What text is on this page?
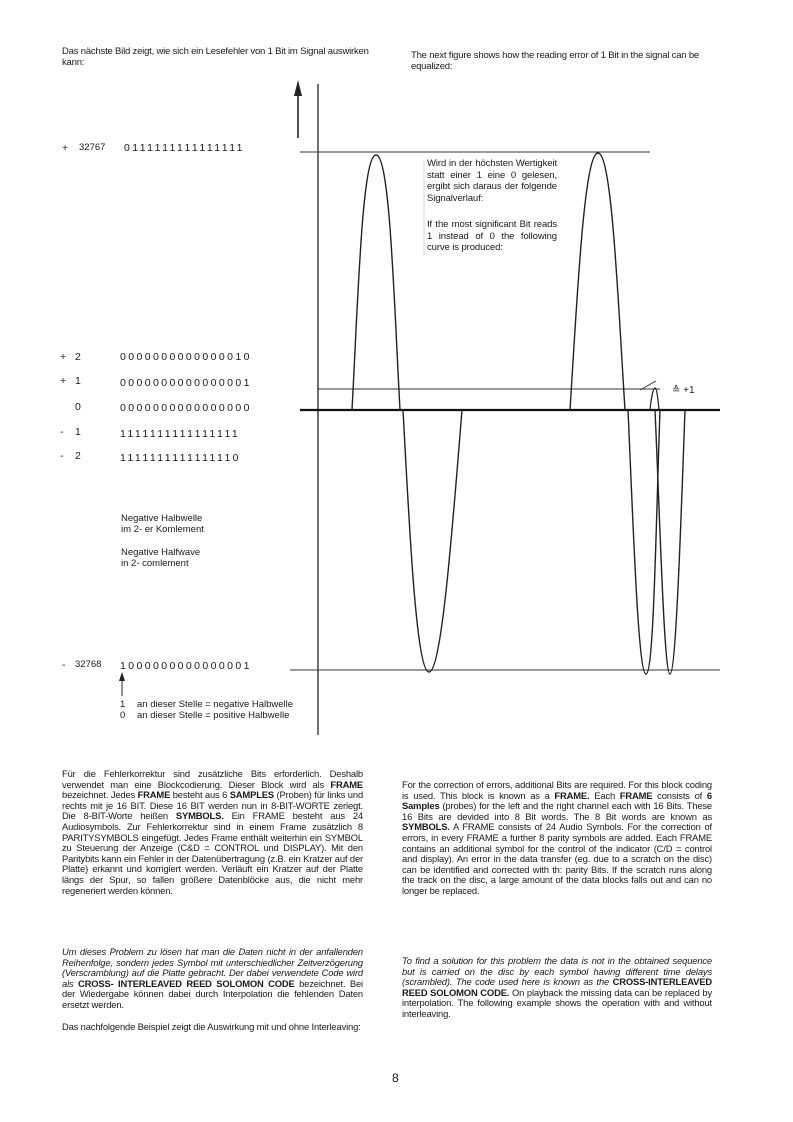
Das nächste Bild zeigt, wie sich ein Lesefehler von 1 Bit im Signal auswirken kann:
The next figure shows how the reading error of 1 Bit in the signal can be equalized:
+ 32767 0111111111111111
+ 2	0000000000000010
+ 1	0000000000000001
0	0000000000000000
- 1	1111111111111111
- 2	1111111111111110
- 32768 1000000000000001
Wird in der höchsten Wertigkeit statt einer 1 eine 0 gelesen, ergibt sich daraus der folgende Signalverlauf:
If the most significant Bit reads 1 instead of 0 the following curve is produced:
≙ +1
Negative Halbwelle
im 2- er Komlement
Negative Halfwave
in 2- comlement
1 an dieser Stelle = negative Halbwelle
0 an dieser Stelle = positive Halbwelle
Für die Fehlerkorrektur sind zusätzliche Bits erforderlich. Deshalb verwendet man eine Blockcodierung. Dieser Block wird als FRAME bezeichnet. Jedes FRAME besteht aus 6 SAMPLES (Proben) für links und rechts mit je 16 BIT. Diese 16 BIT werden nun in 8-BIT-WORTE zerlegt. Die 8-BIT-Worte heißen SYMBOLS. Ein FRAME besteht aus 24 Audiosymbols. Zur Fehlerkorrektur sind in einem Frame zusätzlich 8 PARITYSYMBOLS eingefügt. Jedes Frame enthält weiterhin ein SYMBOL zu Steuerung der Anzeige (C&D = CONTROL und DISPLAY). Mit den Paritybits kann ein Fehler in der Datenübertragung (z.B. ein Kratzer auf der Platte) erkannt und korrigiert werden. Verläuft ein Kratzer auf der Platte längs der Spur, so fallen größere Datenblöcke aus, die nicht mehr regeneriert werden können.
Um dieses Problem zu lösen hat man die Daten nicht in der anfallenden Reihenfolge, sondern jedes Symbol mit unterschiedlicher Zeitverzögerung (Verscramblung) auf die Platte gebracht. Der dabei verwendete Code wird als CROSS- INTERLEAVED REED SOLOMON CODE bezeichnet. Bei der Wiedergabe können dabei durch Interpolation die fehlenden Daten ersetzt werden.
Das nachfolgende Beispiel zeigt die Auswirkung mit und ohne Interleaving:
For the correction of errors, additional Bits are required. For this block coding is used. This block is known as a FRAME. Each FRAME consists of 6 Samples (probes) for the left and the right channel each with 16 Bits. These 16 Bits are devided into 8 Bit words. The 8 Bit words are known as SYMBOLS. A FRAME consists of 24 Audio Symbols. For the correction of errors, in every FRAME a further 8 parity symbols are added. Each FRAME contains an additional symbol for the control of the indicator (C/D = control and display). An error in the data transfer (eg. due to a scratch on the disc) can be identified and corrected with th: parity Bits. If the scratch runs along the track on the disc, a large amount of the data blocks falls out and can no longer be replaced.
To find a solution for this problem the data is not in the obtained sequence but is carried on the disc by each symbol having different time delays (scrambled). The code used here is known as the CROSS-INTERLEAVED REED SOLOMON CODE. On playback the missing data can be replaced by interpolation. The following example shows the operation with and without interleaving.
8
